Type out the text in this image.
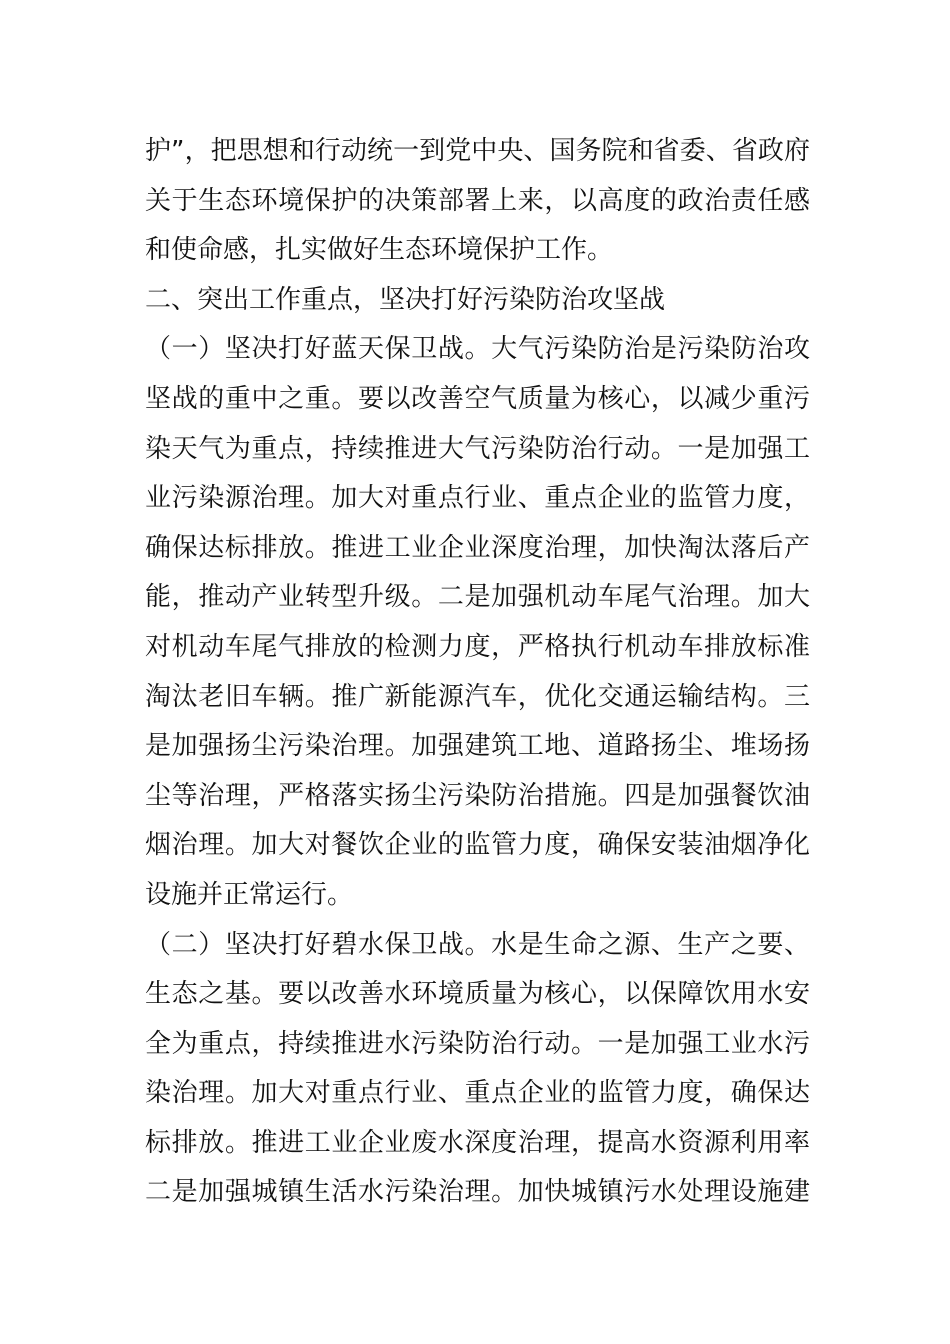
护”，把思想和行动统一到党中央、国务院和省委、省政府
关于生态环境保护的决策部署上来，以高度的政治责任感
和使命感，扎实做好生态环境保护工作。
二、突出工作重点，坚决打好污染防治攻坚战
（一）坚决打好蓝天保卫战。大气污染防治是污染防治攻
坚战的重中之重。要以改善空气质量为核心，以减少重污
染天气为重点，持续推进大气污染防治行动。一是加强工
业污染源治理。加大对重点行业、重点企业的监管力度，
确保达标排放。推进工业企业深度治理，加快淘汰落后产
能，推动产业转型升级。二是加强机动车尾气治理。加大
对机动车尾气排放的检测力度，严格执行机动车排放标准
淘汰老旧车辆。推广新能源汽车，优化交通运输结构。三
是加强扬尘污染治理。加强建筑工地、道路扬尘、堆场扬
尘等治理，严格落实扬尘污染防治措施。四是加强餐饮油
烟治理。加大对餐饮企业的监管力度，确保安装油烟净化
设施并正常运行。
（二）坚决打好碧水保卫战。水是生命之源、生产之要、
生态之基。要以改善水环境质量为核心，以保障饮用水安
全为重点，持续推进水污染防治行动。一是加强工业水污
染治理。加大对重点行业、重点企业的监管力度，确保达
标排放。推进工业企业废水深度治理，提高水资源利用率
二是加强城镇生活水污染治理。加快城镇污水处理设施建
